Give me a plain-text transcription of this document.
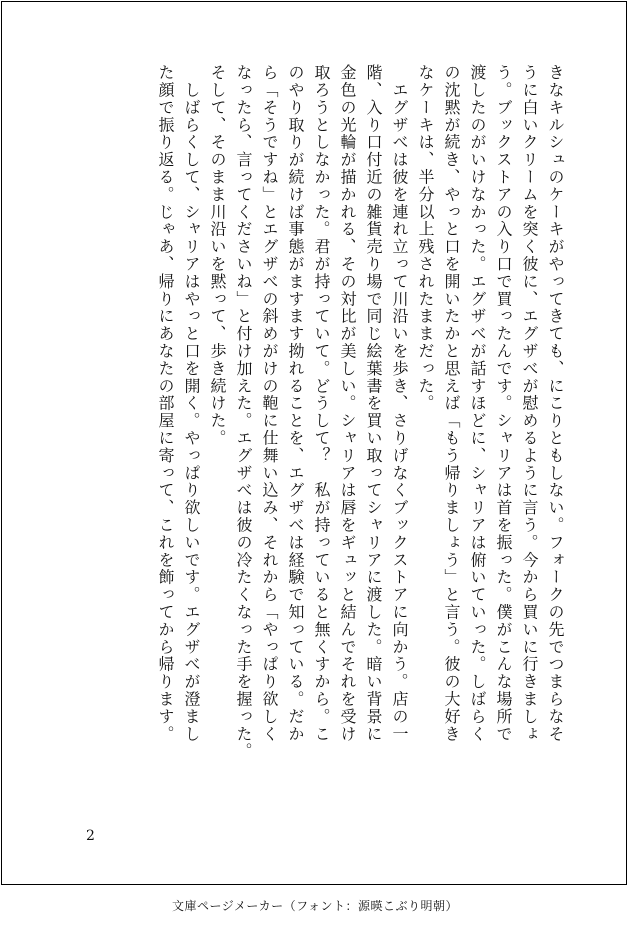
きなキルシュのケーキがやってきても、にこりともしない。フォークの先でつまらなそ

うに白いクリームを突く彼に、エグザべが慰めるように言う。今から買いに行きましょ

う。ブックストアの入り口で買ったんです。シャリアは首を振った。僕がこんな場所で

渡したのがいけなかった。エグザべが話すほどに、シャリアは俯いていった。しばらく

の沈黙が続き、やっと口を開いたかと思えば「もう帰りましょう」と言う。彼の大好き

なケーキは、半分以上残されたままだった。

　エグザべは彼を連れ立って川沿いを歩き、さりげなくブックストアに向かう。店の一

階、入り口付近の雑貨売り場で同じ絵葉書を買い取ってシャリアに渡した。暗い背景に

金色の光輪が描かれる、その対比が美しい。シャリアは唇をギュッと結んでそれを受け

取ろうとしなかった。君が持っていて。どうして？　私が持っていると無くすから。こ

のやり取りが続けば事態がますます拗れることを、エグザべは経験で知っている。だか

ら「そうですね」とエグザべの斜めがけの鞄に仕舞い込み、それから「やっぱり欲しく

なったら、言ってくださいね」と付け加えた。エグザべは彼の冷たくなった手を握った。

そして、そのまま川沿いを黙って、歩き続けた。

　しばらくして、シャリアはやっと口を開く。やっぱり欲しいです。エグザべが澄まし

た顔で振り返る。じゃあ、帰りにあなたの部屋に寄って、これを飾ってから帰ります。

2
文庫ページメーカー（フォント：源暎こぶり明朝）
